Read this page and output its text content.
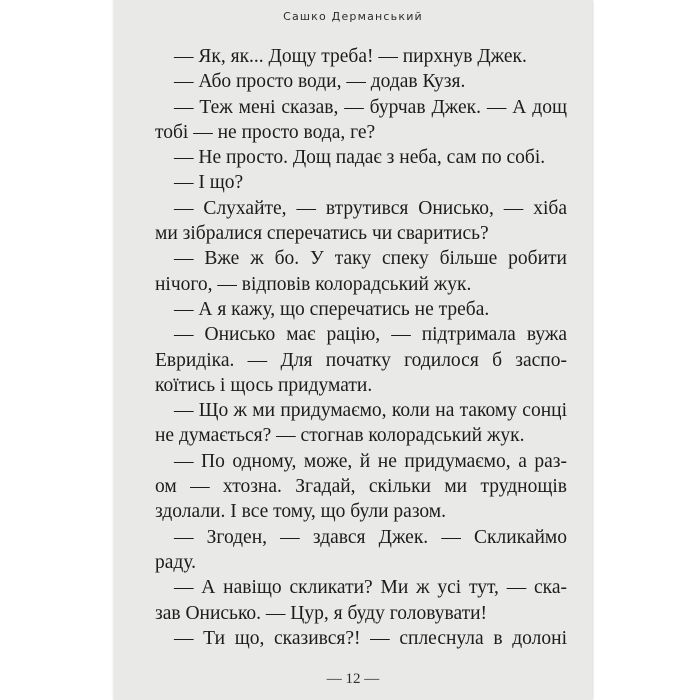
Сашко Дерманський
— Як, як... Дощу треба! — пирхнув Джек.
— Або просто води, — додав Кузя.
— Теж мені сказав, — бурчав Джек. — А дощ
тобі — не просто вода, ге?
— Не просто. Дощ падає з неба, сам по собі.
— І що?
— Слухайте, — втрутився Онисько, — хіба
ми зібралися сперечатись чи сваритись?
— Вже ж бо. У таку спеку більше робити
нічого, — відповів колорадський жук.
— А я кажу, що сперечатись не треба.
— Онисько має рацію, — підтримала вужа
Евридіка. — Для початку годилося б заспо-
коїтись і щось придумати.
— Що ж ми придумаємо, коли на такому сонці
не думається? — стогнав колорадський жук.
— По одному, може, й не придумаємо, а раз-
ом — хтозна. Згадай, скільки ми труднощів
здолали. І все тому, що були разом.
— Згоден, — здався Джек. — Скликаймо
раду.
— А навіщо скликати? Ми ж усі тут, — ска-
зав Онисько. — Цур, я буду головувати!
— Ти що, сказився?! — сплеснула в долоні
— 12 —
